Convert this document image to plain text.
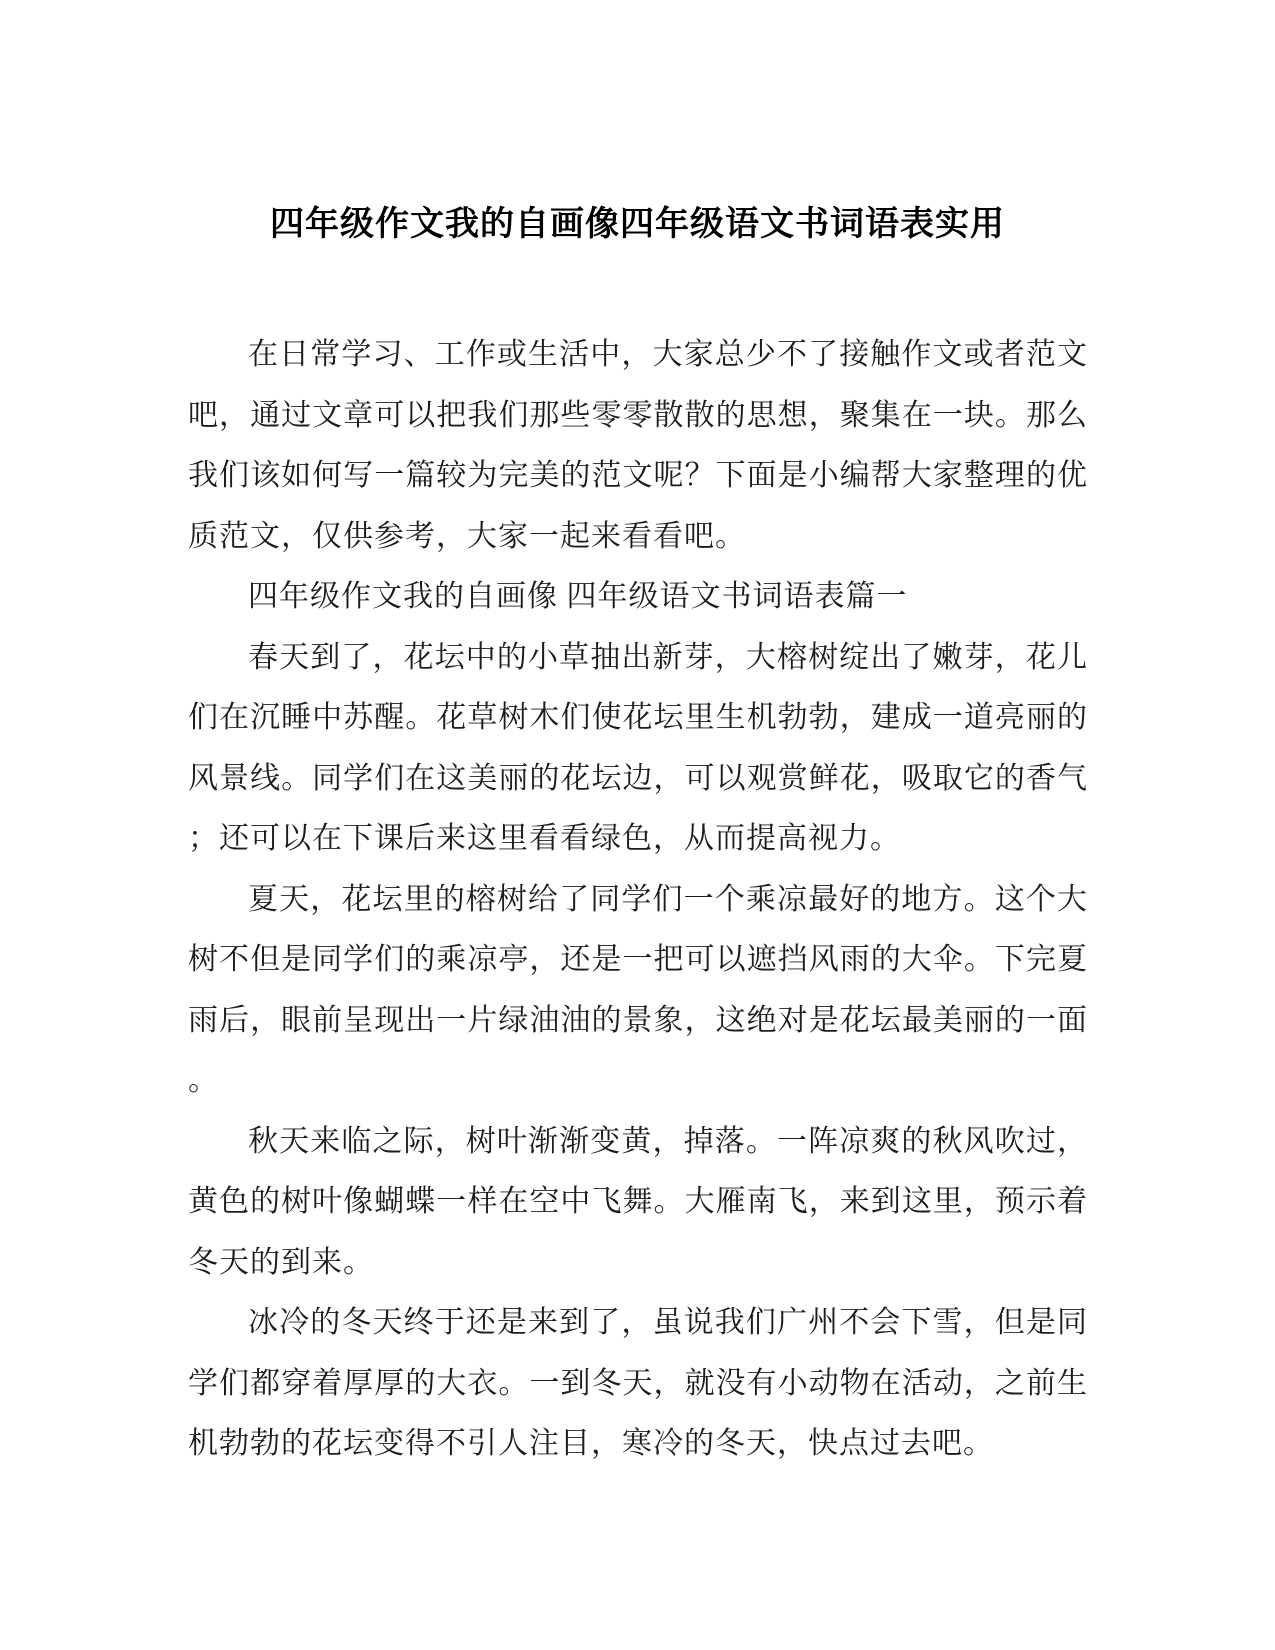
四年级作文我的自画像四年级语文书词语表实用

在日常学习、工作或生活中，大家总少不了接触作文或者范文吧，通过文章可以把我们那些零零散散的思想，聚集在一块。那么我们该如何写一篇较为完美的范文呢？下面是小编帮大家整理的优质范文，仅供参考，大家一起来看看吧。

四年级作文我的自画像 四年级语文书词语表篇一

春天到了，花坛中的小草抽出新芽，大榕树绽出了嫩芽，花儿们在沉睡中苏醒。花草树木们使花坛里生机勃勃，建成一道亮丽的风景线。同学们在这美丽的花坛边，可以观赏鲜花，吸取它的香气；还可以在下课后来这里看看绿色，从而提高视力。

夏天，花坛里的榕树给了同学们一个乘凉最好的地方。这个大树不但是同学们的乘凉亭，还是一把可以遮挡风雨的大伞。下完夏雨后，眼前呈现出一片绿油油的景象，这绝对是花坛最美丽的一面。

秋天来临之际，树叶渐渐变黄，掉落。一阵凉爽的秋风吹过，黄色的树叶像蝴蝶一样在空中飞舞。大雁南飞，来到这里，预示着冬天的到来。

冰冷的冬天终于还是来到了，虽说我们广州不会下雪，但是同学们都穿着厚厚的大衣。一到冬天，就没有小动物在活动，之前生机勃勃的花坛变得不引人注目，寒冷的冬天，快点过去吧。
